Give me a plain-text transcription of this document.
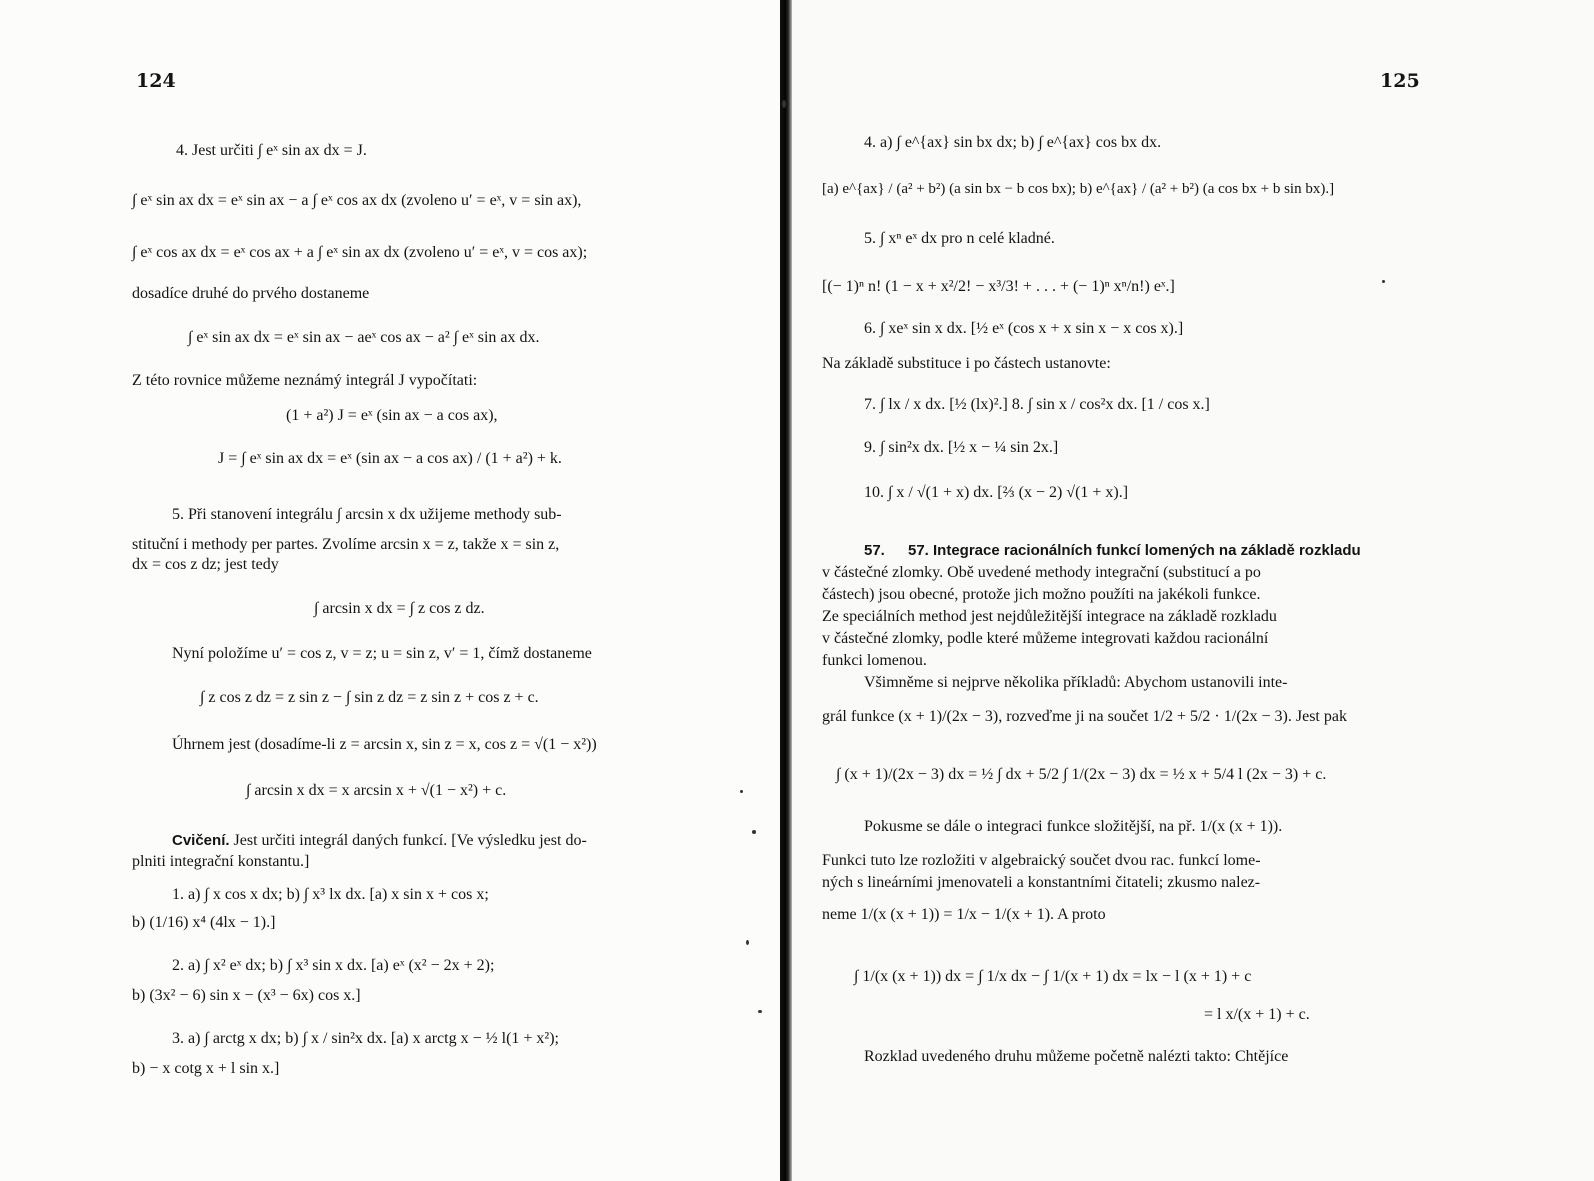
124
4. Jest určiti ∫ eˣ sin ax dx = J.
∫ eˣ sin ax dx = eˣ sin ax − a ∫ eˣ cos ax dx (zvoleno u′ = eˣ, v = sin ax),
∫ eˣ cos ax dx = eˣ cos ax + a ∫ eˣ sin ax dx (zvoleno u′ = eˣ, v = cos ax);
dosadíce druhé do prvého dostaneme
∫ eˣ sin ax dx = eˣ sin ax − aeˣ cos ax − a² ∫ eˣ sin ax dx.
Z této rovnice můžeme neznámý integrál J vypočítati:
(1 + a²) J = eˣ (sin ax − a cos ax),
J = ∫ eˣ sin ax dx = eˣ (sin ax − a cos ax) / (1 + a²) + k.
5. Při stanovení integrálu ∫ arcsin x dx užijeme methody sub-
stituční i methody per partes. Zvolíme arcsin x = z, takže x = sin z,
dx = cos z dz; jest tedy
∫ arcsin x dx = ∫ z cos z dz.
Nyní položíme u′ = cos z, v = z; u = sin z, v′ = 1, čímž dostaneme
∫ z cos z dz = z sin z − ∫ sin z dz = z sin z + cos z + c.
Úhrnem jest (dosadíme-li z = arcsin x, sin z = x, cos z = √(1 − x²))
∫ arcsin x dx = x arcsin x + √(1 − x²) + c.
Cvičení. Jest určiti integrál daných funkcí. [Ve výsledku jest do-
plniti integrační konstantu.]
1. a) ∫ x cos x dx; b) ∫ x³ lx dx. [a) x sin x + cos x;
b) (1/16) x⁴ (4lx − 1).]
2. a) ∫ x² eˣ dx; b) ∫ x³ sin x dx. [a) eˣ (x² − 2x + 2);
b) (3x² − 6) sin x − (x³ − 6x) cos x.]
3. a) ∫ arctg x dx; b) ∫ x / sin²x dx. [a) x arctg x − ½ l(1 + x²);
b) − x cotg x + l sin x.]
125
4. a) ∫ e^{ax} sin bx dx; b) ∫ e^{ax} cos bx dx.
[a) e^{ax} / (a² + b²) (a sin bx − b cos bx); b) e^{ax} / (a² + b²) (a cos bx + b sin bx).]
5. ∫ xⁿ eˣ dx pro n celé kladné.
[(− 1)ⁿ n! (1 − x + x²/2! − x³/3! + . . . + (− 1)ⁿ xⁿ/n!) eˣ.]
6. ∫ xeˣ sin x dx. [½ eˣ (cos x + x sin x − x cos x).]
Na základě substituce i po částech ustanovte:
7. ∫ lx / x dx. [½ (lx)².] 8. ∫ sin x / cos²x dx. [1 / cos x.]
9. ∫ sin²x dx. [½ x − ¼ sin 2x.]
10. ∫ x / √(1 + x) dx. [⅔ (x − 2) √(1 + x).]
57. 57. Integrace racionálních funkcí lomených na základě rozkladu
v částečné zlomky. Obě uvedené methody integrační (substitucí a po
částech) jsou obecné, protože jich možno použíti na jakékoli funkce.
Ze speciálních method jest nejdůležitější integrace na základě rozkladu
v částečné zlomky, podle které můžeme integrovati každou racionální
funkci lomenou.
Všimněme si nejprve několika příkladů: Abychom ustanovili inte-
grál funkce (x + 1)/(2x − 3), rozveďme ji na součet 1/2 + 5/2 · 1/(2x − 3). Jest pak
∫ (x + 1)/(2x − 3) dx = ½ ∫ dx + 5/2 ∫ 1/(2x − 3) dx = ½ x + 5/4 l (2x − 3) + c.
Pokusme se dále o integraci funkce složitější, na př. 1/(x (x + 1)).
Funkci tuto lze rozložiti v algebraický součet dvou rac. funkcí lome-
ných s lineárními jmenovateli a konstantními čitateli; zkusmo nalez-
neme 1/(x (x + 1)) = 1/x − 1/(x + 1). A proto
∫ 1/(x (x + 1)) dx = ∫ 1/x dx − ∫ 1/(x + 1) dx = lx − l (x + 1) + c
= l x/(x + 1) + c.
Rozklad uvedeného druhu můžeme početně nalézti takto: Chtějíce
